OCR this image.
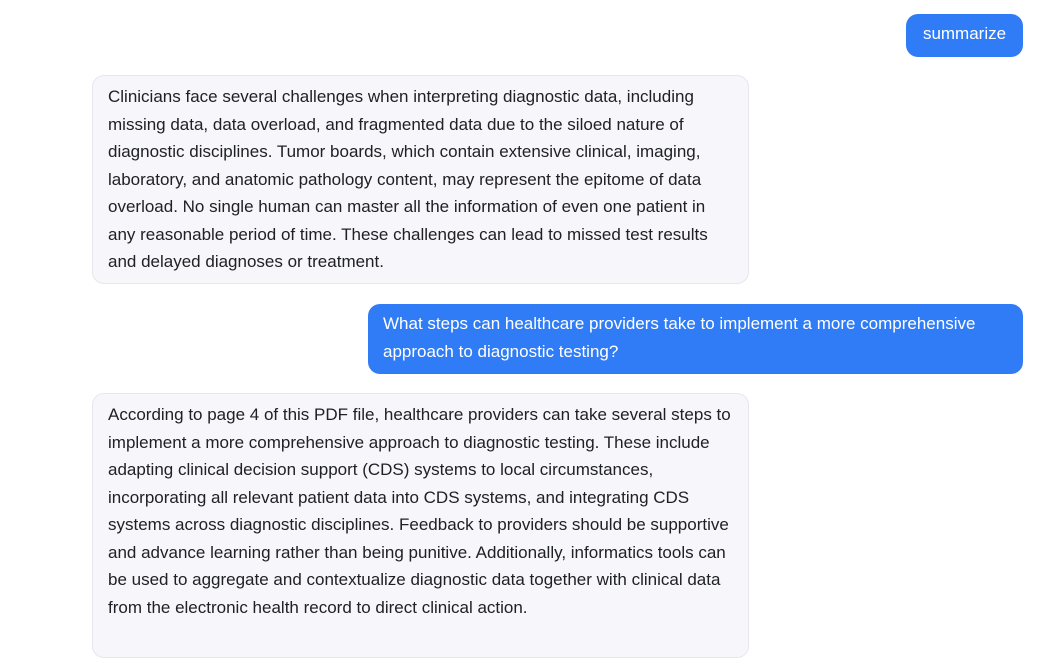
summarize
Clinicians face several challenges when interpreting diagnostic data, including missing data, data overload, and fragmented data due to the siloed nature of diagnostic disciplines. Tumor boards, which contain extensive clinical, imaging, laboratory, and anatomic pathology content, may represent the epitome of data overload. No single human can master all the information of even one patient in any reasonable period of time. These challenges can lead to missed test results and delayed diagnoses or treatment.
What steps can healthcare providers take to implement a more comprehensive approach to diagnostic testing?
According to page 4 of this PDF file, healthcare providers can take several steps to implement a more comprehensive approach to diagnostic testing. These include adapting clinical decision support (CDS) systems to local circumstances, incorporating all relevant patient data into CDS systems, and integrating CDS systems across diagnostic disciplines. Feedback to providers should be supportive and advance learning rather than being punitive. Additionally, informatics tools can be used to aggregate and contextualize diagnostic data together with clinical data from the electronic health record to direct clinical action.
